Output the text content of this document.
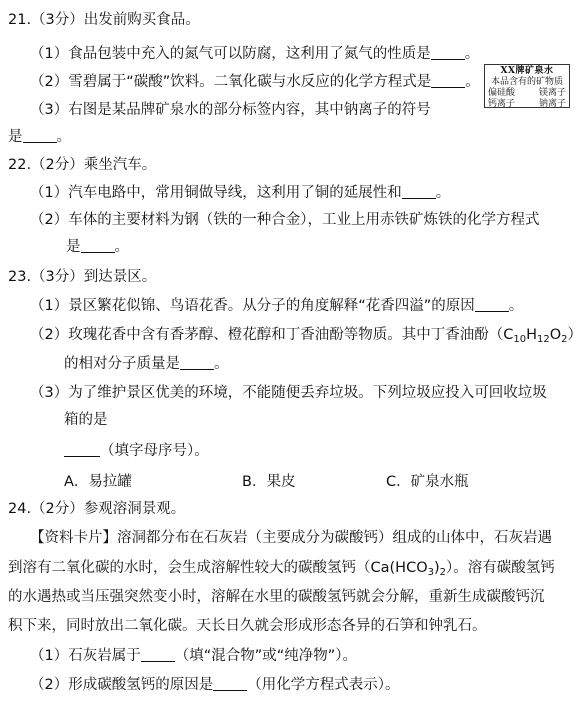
21.（3分）出发前购买食品。
（1）食品包装中充入的氮气可以防腐，这利用了氮气的性质是 。
（2）雪碧属于“碳酸”饮料。二氧化碳与水反应的化学方程式是 。
（3）右图是某品牌矿泉水的部分标签内容，其中钠离子的符号
是 。
XX牌矿泉水
本品含有的矿物质
偏硅酸	镁离子
钙离子	钠离子
22.（2分）乘坐汽车。
（1）汽车电路中，常用铜做导线，这利用了铜的延展性和 。
（2）车体的主要材料为钢（铁的一种合金），工业上用赤铁矿炼铁的化学方程式
是 。
23.（3分）到达景区。
（1）景区繁花似锦、鸟语花香。从分子的角度解释“花香四溢”的原因 。
（2）玫瑰花香中含有香茅醇、橙花醇和丁香油酚等物质。其中丁香油酚$(C_{10}H_{12}O_2)$
的相对分子质量是 。
（3）为了维护景区优美的环境，不能随便丢弃垃圾。下列垃圾应投入可回收垃圾
箱的是
（填字母序号）。
A．易拉罐	B．果皮	C．矿泉水瓶
24.（2分）参观溶洞景观。
【资料卡片】溶洞都分布在石灰岩（主要成分为碳酸钙）组成的山体中，石灰岩遇
到溶有二氧化碳的水时，会生成溶解性较大的碳酸氢钙$(Ca(HCO_3)_2)$。溶有碳酸氢钙
的水遇热或当压强突然变小时，溶解在水里的碳酸氢钙就会分解，重新生成碳酸钙沉
积下来，同时放出二氧化碳。天长日久就会形成形态各异的石笋和钟乳石。
（1）石灰岩属于 （填“混合物”或“纯净物”）。
（2）形成碳酸氢钙的原因是 （用化学方程式表示）。
